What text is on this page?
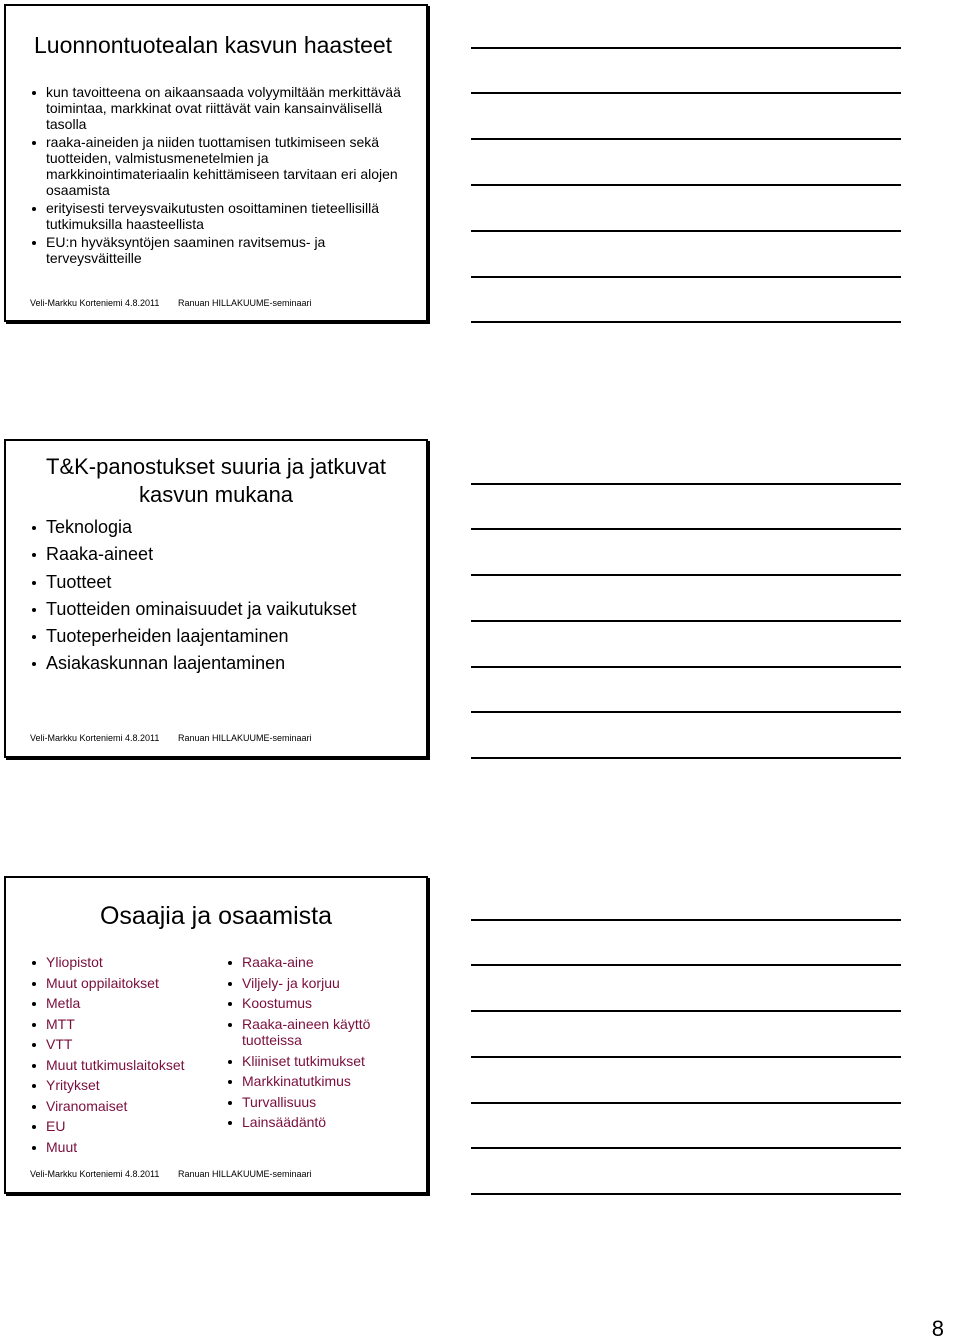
Luonnontuotealan kasvun haasteet
kun tavoitteena on aikaansaada volyymiltään merkittävää toimintaa, markkinat ovat riittävät vain kansainvälisellä tasolla
raaka-aineiden ja niiden tuottamisen tutkimiseen sekä tuotteiden, valmistusmenetelmien ja markkinointimateriaalin kehittämiseen tarvitaan eri alojen osaamista
erityisesti terveysvaikutusten osoittaminen tieteellisillä tutkimuksilla haasteellista
EU:n hyväksyntöjen saaminen ravitsemus- ja terveysväitteille
Veli-Markku Korteniemi 4.8.2011 Ranuan HILLAKUUME-seminaari
T&K-panostukset suuria ja jatkuvat kasvun mukana
Teknologia
Raaka-aineet
Tuotteet
Tuotteiden ominaisuudet ja vaikutukset
Tuoteperheiden laajentaminen
Asiakaskunnan laajentaminen
Veli-Markku Korteniemi 4.8.2011 Ranuan HILLAKUUME-seminaari
Osaajia ja osaamista
Yliopistot
Muut oppilaitokset
Metla
MTT
VTT
Muut tutkimuslaitokset
Yritykset
Viranomaiset
EU
Muut
Raaka-aine
Viljely- ja korjuu
Koostumus
Raaka-aineen käyttö tuotteissa
Kliiniset tutkimukset
Markkinatutkimus
Turvallisuus
Lainsäädäntö
Veli-Markku Korteniemi 4.8.2011 Ranuan HILLAKUUME-seminaari
8
